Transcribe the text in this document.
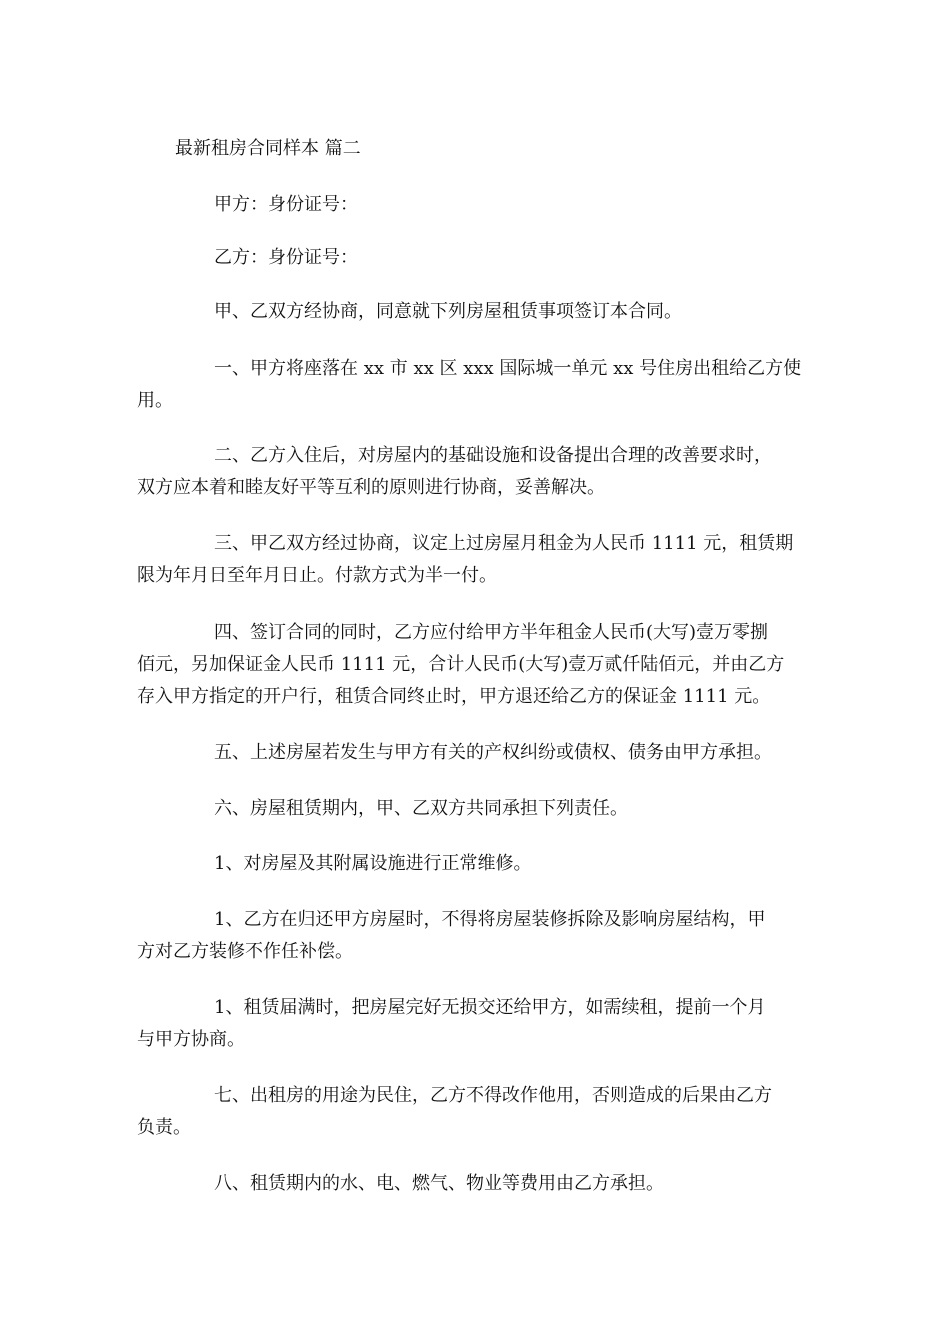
最新租房合同样本 篇二
甲方：身份证号：
乙方：身份证号：
甲、乙双方经协商，同意就下列房屋租赁事项签订本合同。
一、甲方将座落在 xx 市 xx 区 xxx 国际城一单元 xx 号住房出租给乙方使
用。
二、乙方入住后，对房屋内的基础设施和设备提出合理的改善要求时，
双方应本着和睦友好平等互利的原则进行协商，妥善解决。
三、甲乙双方经过协商，议定上过房屋月租金为人民币 1111 元，租赁期
限为年月日至年月日止。付款方式为半一付。
四、签订合同的同时，乙方应付给甲方半年租金人民币(大写)壹万零捌
佰元，另加保证金人民币 1111 元，合计人民币(大写)壹万贰仟陆佰元，并由乙方
存入甲方指定的开户行，租赁合同终止时，甲方退还给乙方的保证金 1111 元。
五、上述房屋若发生与甲方有关的产权纠纷或债权、债务由甲方承担。
六、房屋租赁期内，甲、乙双方共同承担下列责任。
1、对房屋及其附属设施进行正常维修。
1、乙方在归还甲方房屋时，不得将房屋装修拆除及影响房屋结构，甲
方对乙方装修不作任补偿。
1、租赁届满时，把房屋完好无损交还给甲方，如需续租，提前一个月
与甲方协商。
七、出租房的用途为民住，乙方不得改作他用，否则造成的后果由乙方
负责。
八、租赁期内的水、电、燃气、物业等费用由乙方承担。
